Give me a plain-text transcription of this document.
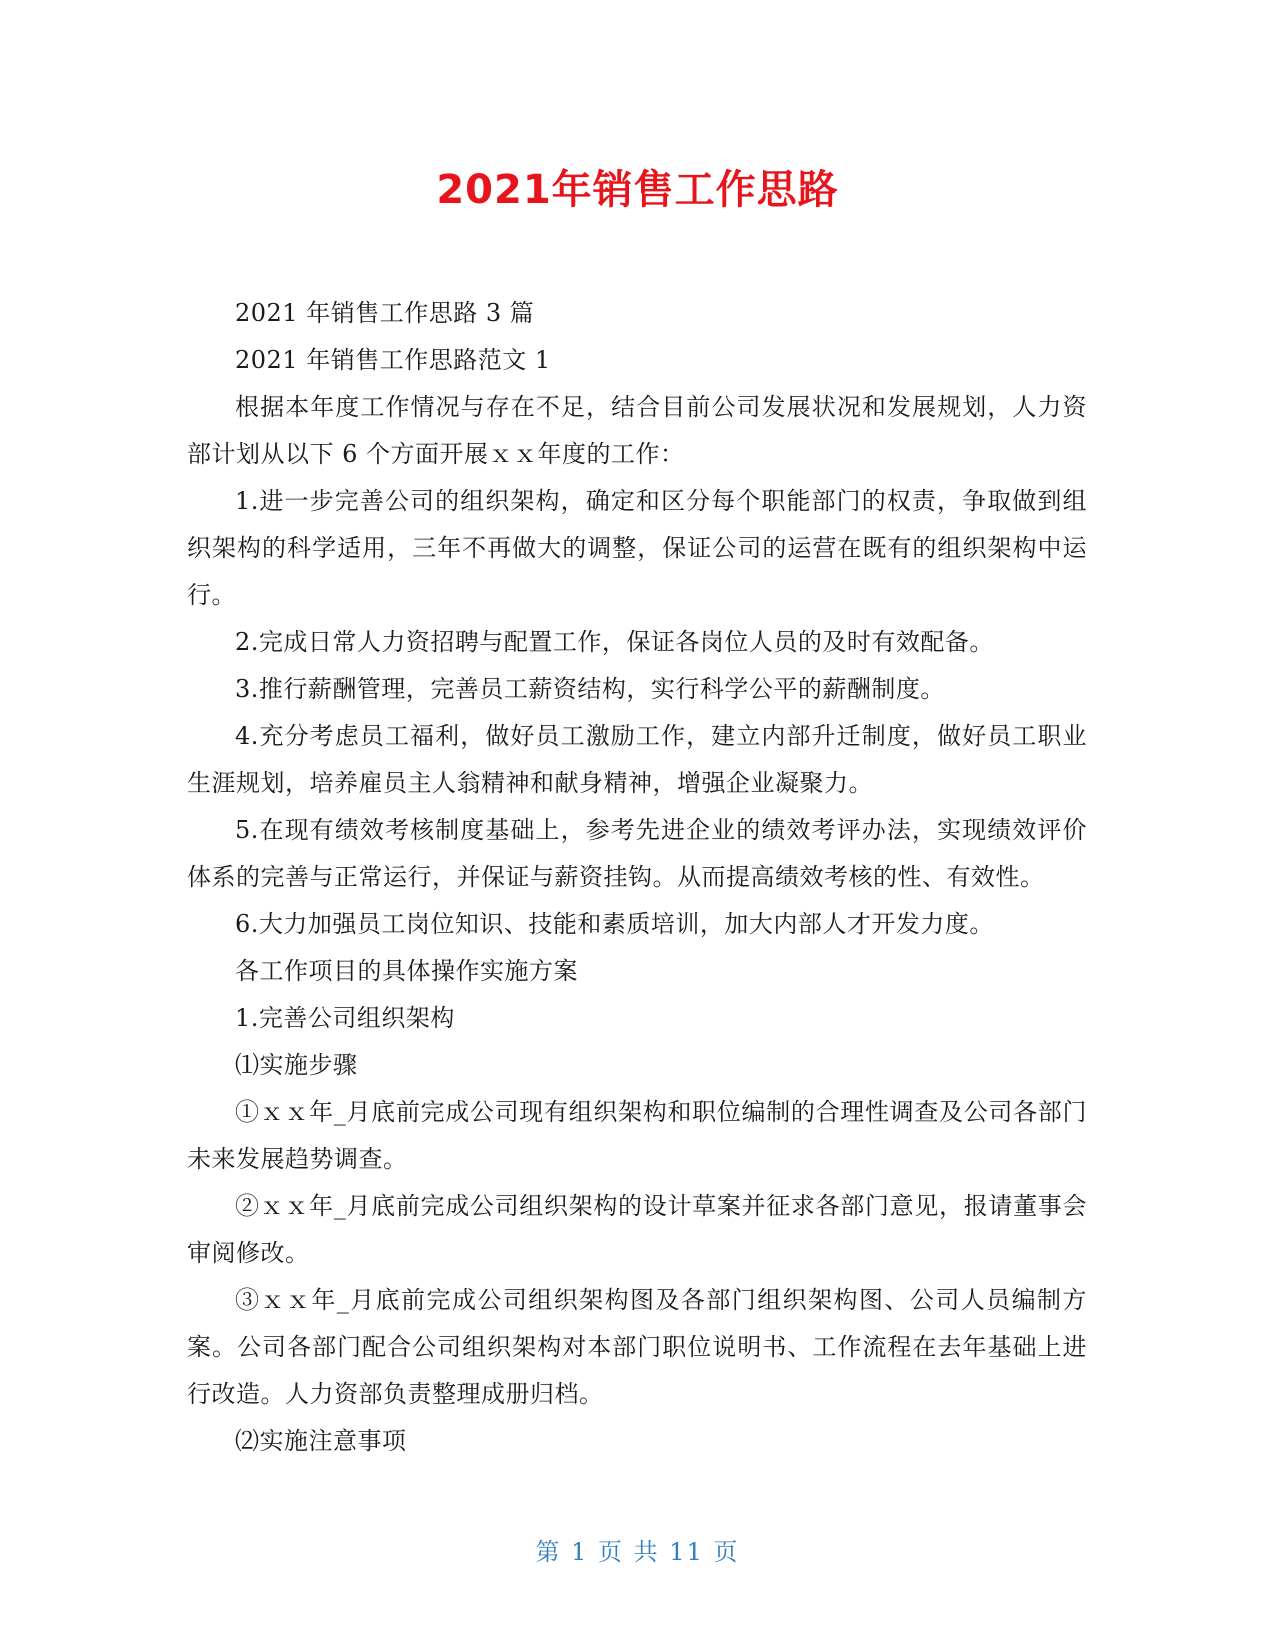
2021年销售工作思路

2021 年销售工作思路 3 篇

2021 年销售工作思路范文 1

根据本年度工作情况与存在不足，结合目前公司发展状况和发展规划，人力资部计划从以下 6 个方面开展ｘｘ年度的工作：

1.进一步完善公司的组织架构，确定和区分每个职能部门的权责，争取做到组织架构的科学适用，三年不再做大的调整，保证公司的运营在既有的组织架构中运行。

2.完成日常人力资招聘与配置工作，保证各岗位人员的及时有效配备。

3.推行薪酬管理，完善员工薪资结构，实行科学公平的薪酬制度。

4.充分考虑员工福利，做好员工激励工作，建立内部升迁制度，做好员工职业生涯规划，培养雇员主人翁精神和献身精神，增强企业凝聚力。

5.在现有绩效考核制度基础上，参考先进企业的绩效考评办法，实现绩效评价体系的完善与正常运行，并保证与薪资挂钩。从而提高绩效考核的性、有效性。

6.大力加强员工岗位知识、技能和素质培训，加大内部人才开发力度。

各工作项目的具体操作实施方案

1.完善公司组织架构

⑴实施步骤

①ｘｘ年_月底前完成公司现有组织架构和职位编制的合理性调查及公司各部门未来发展趋势调查。

②ｘｘ年_月底前完成公司组织架构的设计草案并征求各部门意见，报请董事会审阅修改。

③ｘｘ年_月底前完成公司组织架构图及各部门组织架构图、公司人员编制方案。公司各部门配合公司组织架构对本部门职位说明书、工作流程在去年基础上进行改造。人力资部负责整理成册归档。

⑵实施注意事项

第 1 页 共 11 页
